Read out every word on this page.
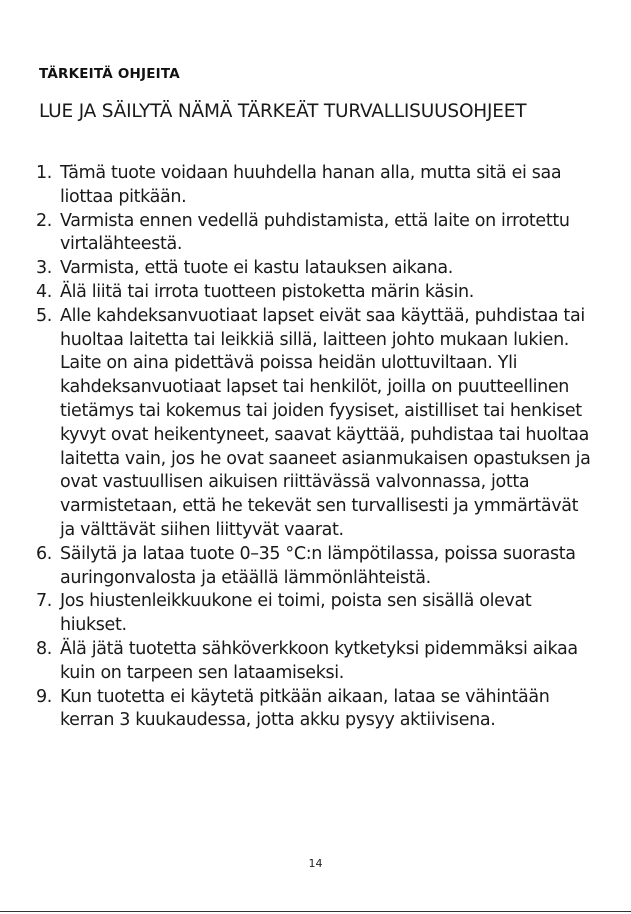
TÄRKEITÄ OHJEITA
LUE JA SÄILYTÄ NÄMÄ TÄRKEÄT TURVALLISUUSOHJEET
1. Tämä tuote voidaan huuhdella hanan alla, mutta sitä ei saa liottaa pitkään.
2. Varmista ennen vedellä puhdistamista, että laite on irrotettu virtalähteestä.
3. Varmista, että tuote ei kastu latauksen aikana.
4. Älä liitä tai irrota tuotteen pistoketta märin käsin.
5. Alle kahdeksanvuotiaat lapset eivät saa käyttää, puhdistaa tai huoltaa laitetta tai leikkiä sillä, laitteen johto mukaan lukien. Laite on aina pidettävä poissa heidän ulottuviltaan. Yli kahdeksanvuotiaat lapset tai henkilöt, joilla on puutteellinen tietämys tai kokemus tai joiden fyysiset, aistilliset tai henkiset kyvyt ovat heikentyneet, saavat käyttää, puhdistaa tai huoltaa laitetta vain, jos he ovat saaneet asianmukaisen opastuksen ja ovat vastuullisen aikuisen riittävässä valvonnassa, jotta varmistetaan, että he tekevät sen turvallisesti ja ymmärtävät ja välttävät siihen liittyvät vaarat.
6. Säilytä ja lataa tuote 0–35 °C:n lämpötilassa, poissa suorasta auringonvalosta ja etäällä lämmönlähteistä.
7. Jos hiustenleikkuukone ei toimi, poista sen sisällä olevat hiukset.
8. Älä jätä tuotetta sähköverkkoon kytketyksi pidemmäksi aikaa kuin on tarpeen sen lataamiseksi.
9. Kun tuotetta ei käytetä pitkään aikaan, lataa se vähintään kerran 3 kuukaudessa, jotta akku pysyy aktiivisena.
14
